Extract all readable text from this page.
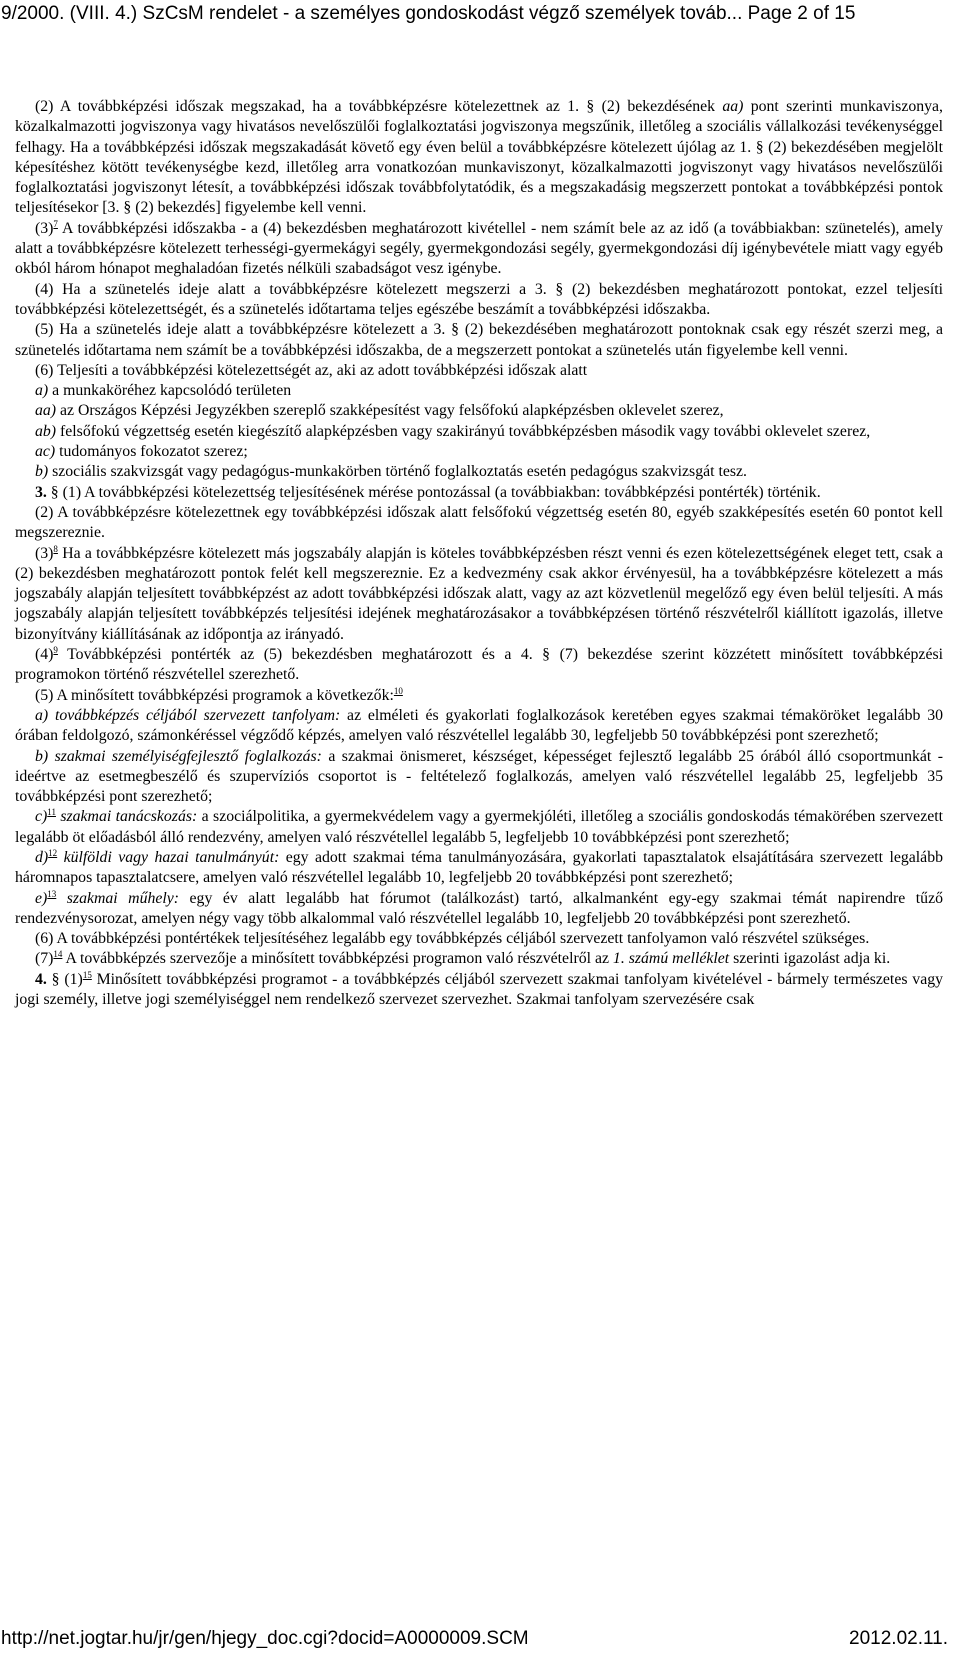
9/2000. (VIII. 4.) SzCsM rendelet - a személyes gondoskodást végző személyek továb... Page 2 of 15

(2) A továbbképzési időszak megszakad, ha a továbbképzésre kötelezettnek az 1. § (2) bekezdésének aa) pont szerinti munkaviszonya, közalkalmazotti jogviszonya vagy hivatásos nevelőszülői foglalkoztatási jogviszonya megszűnik, illetőleg a szociális vállalkozási tevékenységgel felhagy. Ha a továbbképzési időszak megszakadását követő egy éven belül a továbbképzésre kötelezett újólag az 1. § (2) bekezdésében megjelölt képesítéshez kötött tevékenységbe kezd, illetőleg arra vonatkozóan munkaviszonyt, közalkalmazotti jogviszonyt vagy hivatásos nevelőszülői foglalkoztatási jogviszonyt létesít, a továbbképzési időszak továbbfolytatódik, és a megszakadásig megszerzett pontokat a továbbképzési pontok teljesítésekor [3. § (2) bekezdés] figyelembe kell venni.

$(3)^7$ A továbbképzési időszakba - a (4) bekezdésben meghatározott kivétellel - nem számít bele az az idő (a továbbiakban: szünetelés), amely alatt a továbbképzésre kötelezett terhességi-gyermekágyi segély, gyermekgondozási segély, gyermekgondozási díj igénybevétele miatt vagy egyéb okból három hónapot meghaladóan fizetés nélküli szabadságot vesz igénybe.

(4) Ha a szünetelés ideje alatt a továbbképzésre kötelezett megszerzi a 3. § (2) bekezdésben meghatározott pontokat, ezzel teljesíti továbbképzési kötelezettségét, és a szünetelés időtartama teljes egészébe beszámít a továbbképzési időszakba.

(5) Ha a szünetelés ideje alatt a továbbképzésre kötelezett a 3. § (2) bekezdésében meghatározott pontoknak csak egy részét szerzi meg, a szünetelés időtartama nem számít be a továbbképzési időszakba, de a megszerzett pontokat a szünetelés után figyelembe kell venni.

(6) Teljesíti a továbbképzési kötelezettségét az, aki az adott továbbképzési időszak alatt

a) a munkaköréhez kapcsolódó területen

aa) az Országos Képzési Jegyzékben szereplő szakképesítést vagy felsőfokú alapképzésben oklevelet szerez,

ab) felsőfokú végzettség esetén kiegészítő alapképzésben vagy szakirányú továbbképzésben második vagy további oklevelet szerez,

ac) tudományos fokozatot szerez;

b) szociális szakvizsgát vagy pedagógus-munkakörben történő foglalkoztatás esetén pedagógus szakvizsgát tesz.

3. § (1) A továbbképzési kötelezettség teljesítésének mérése pontozással (a továbbiakban: továbbképzési pontérték) történik.

(2) A továbbképzésre kötelezettnek egy továbbképzési időszak alatt felsőfokú végzettség esetén 80, egyéb szakképesítés esetén 60 pontot kell megszereznie.

$(3)^8$ Ha a továbbképzésre kötelezett más jogszabály alapján is köteles továbbképzésben részt venni és ezen kötelezettségének eleget tett, csak a (2) bekezdésben meghatározott pontok felét kell megszereznie. Ez a kedvezmény csak akkor érvényesül, ha a továbbképzésre kötelezett a más jogszabály alapján teljesített továbbképzést az adott továbbképzési időszak alatt, vagy az azt közvetlenül megelőző egy éven belül teljesíti. A más jogszabály alapján teljesített továbbképzés teljesítési idejének meghatározásakor a továbbképzésen történő részvételről kiállított igazolás, illetve bizonyítvány kiállításának az időpontja az irányadó.

$(4)^9$ Továbbképzési pontérték az (5) bekezdésben meghatározott és a 4. § (7) bekezdése szerint közzétett minősített továbbképzési programokon történő részvétellel szerezhető.

(5) A minősített továbbképzési programok a következők:$^{10}$

a) továbbképzés céljából szervezett tanfolyam: az elméleti és gyakorlati foglalkozások keretében egyes szakmai témaköröket legalább 30 órában feldolgozó, számonkéréssel végződő képzés, amelyen való részvétellel legalább 30, legfeljebb 50 továbbképzési pont szerezhető;

b) szakmai személyiségfejlesztő foglalkozás: a szakmai önismeret, készséget, képességet fejlesztő legalább 25 órából álló csoportmunkát - ideértve az esetmegbeszélő és szupervíziós csoportot is - feltételező foglalkozás, amelyen való részvétellel legalább 25, legfeljebb 35 továbbképzési pont szerezhető;

c)$^{11}$ szakmai tanácskozás: a szociálpolitika, a gyermekvédelem vagy a gyermekjóléti, illetőleg a szociális gondoskodás témakörében szervezett legalább öt előadásból álló rendezvény, amelyen való részvétellel legalább 5, legfeljebb 10 továbbképzési pont szerezhető;

d)$^{12}$ külföldi vagy hazai tanulmányút: egy adott szakmai téma tanulmányozására, gyakorlati tapasztalatok elsajátítására szervezett legalább háromnapos tapasztalatcsere, amelyen való részvétellel legalább 10, legfeljebb 20 továbbképzési pont szerezhető;

e)$^{13}$ szakmai műhely: egy év alatt legalább hat fórumot (találkozást) tartó, alkalmanként egy-egy szakmai témát napirendre tűző rendezvénysorozat, amelyen négy vagy több alkalommal való részvétellel legalább 10, legfeljebb 20 továbbképzési pont szerezhető.

(6) A továbbképzési pontértékek teljesítéséhez legalább egy továbbképzés céljából szervezett tanfolyamon való részvétel szükséges.

$(7)^{14}$ A továbbképzés szervezője a minősített továbbképzési programon való részvételről az 1. számú melléklet szerinti igazolást adja ki.

4. § $(1)^{15}$ Minősített továbbképzési programot - a továbbképzés céljából szervezett szakmai tanfolyam kivételével - bármely természetes vagy jogi személy, illetve jogi személyiséggel nem rendelkező szervezet szervezhet. Szakmai tanfolyam szervezésére csak

http://net.jogtar.hu/jr/gen/hjegy_doc.cgi?docid=A0000009.SCM	2012.02.11.
